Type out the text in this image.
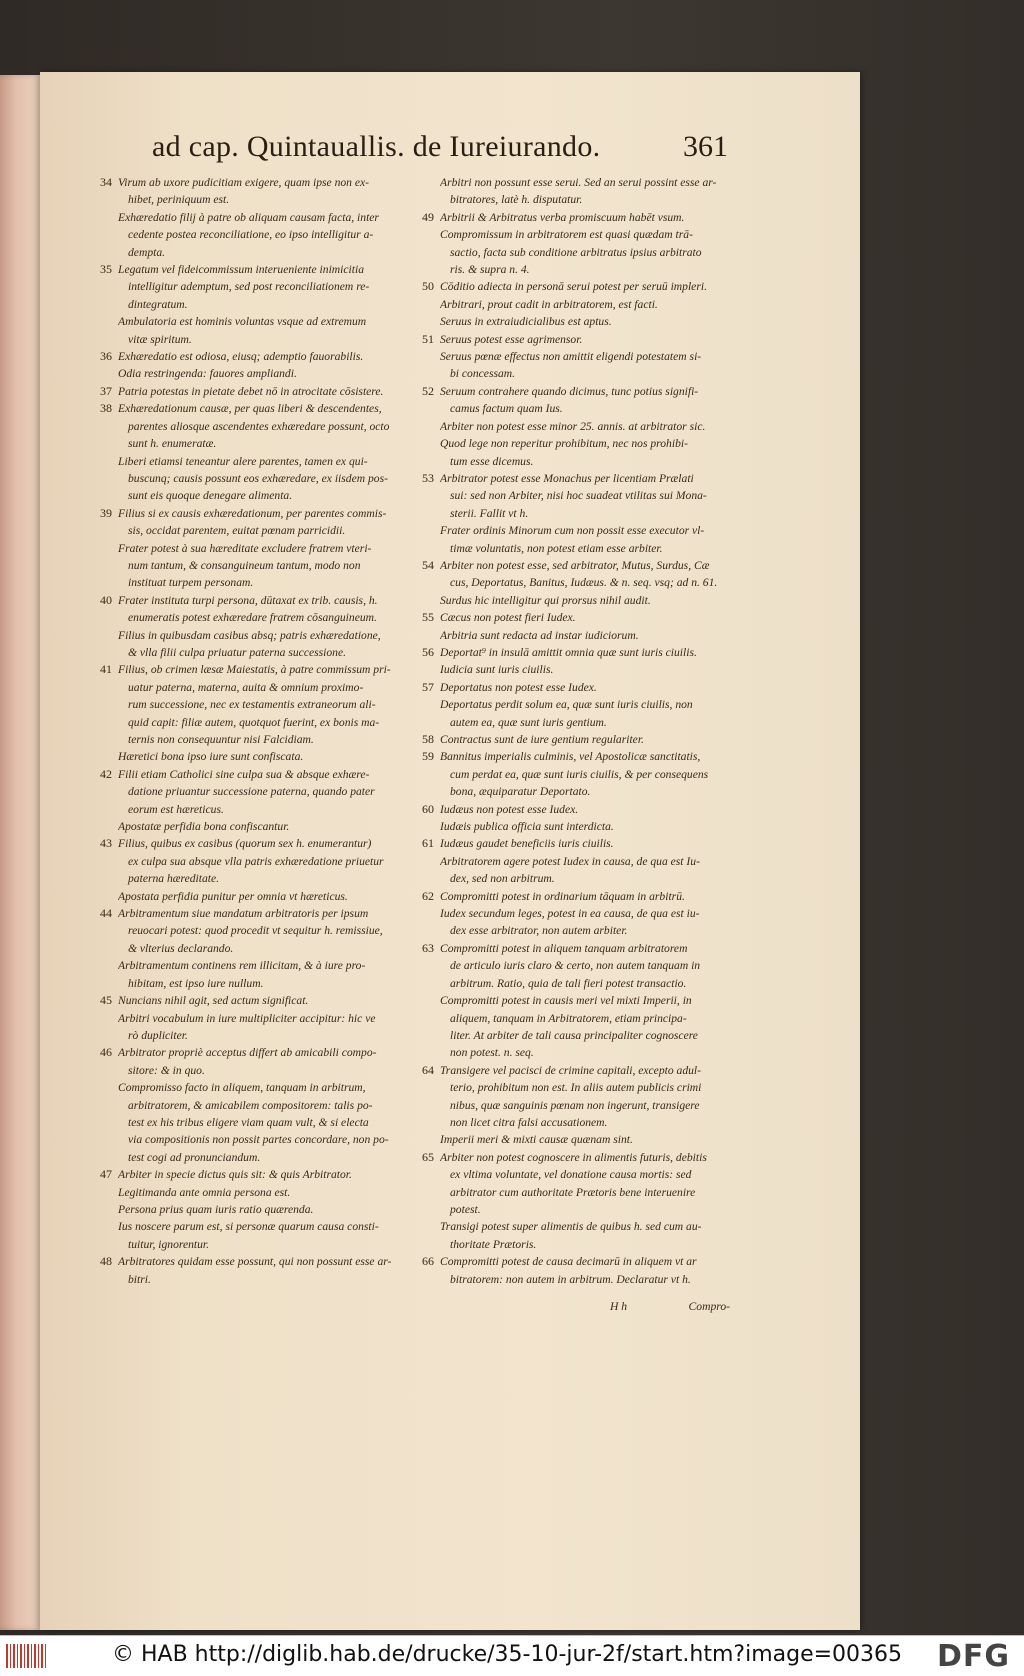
ad cap. Quintauallis. de Iureiurando.	361
34 Virum ab uxore pudicitiam exigere, quam ipse non ex-
hibet, periniquum est.
Exhæredatio filij à patre ob aliquam causam facta, inter
cedente postea reconciliatione, eo ipso intelligitur a-
dempta.
35 Legatum vel fideicommissum interueniente inimicitia
intelligitur ademptum, sed post reconciliationem re-
dintegratum.
Ambulatoria est hominis voluntas vsque ad extremum
vitæ spiritum.
36 Exhæredatio est odiosa, eiusq; ademptio fauorabilis.
Odia restringenda: fauores ampliandi.
37 Patria potestas in pietate debet nō in atrocitate cōsistere.
38 Exhæredationum causæ, per quas liberi & descendentes,
parentes aliosque ascendentes exhæredare possunt, octo
sunt h. enumeratæ.
Liberi etiamsi teneantur alere parentes, tamen ex qui-
buscunq; causis possunt eos exhæredare, ex iisdem pos-
sunt eis quoque denegare alimenta.
39 Filius si ex causis exhæredationum, per parentes commis-
sis, occidat parentem, euitat pœnam parricidii.
Frater potest à sua hæreditate excludere fratrem vteri-
num tantum, & consanguineum tantum, modo non
instituat turpem personam.
40 Frater instituta turpi persona, dūtaxat ex trib. causis, h.
enumeratis potest exhæredare fratrem cōsanguineum.
Filius in quibusdam casibus absq; patris exhæredatione,
& vlla filii culpa priuatur paterna successione.
41 Filius, ob crimen læsæ Maiestatis, à patre commissum pri-
uatur paterna, materna, auita & omnium proximo-
rum successione, nec ex testamentis extraneorum ali-
quid capit: filiæ autem, quotquot fuerint, ex bonis ma-
ternis non consequuntur nisi Falcidiam.
Hæretici bona ipso iure sunt confiscata.
42 Filii etiam Catholici sine culpa sua & absque exhære-
datione priuantur successione paterna, quando pater
eorum est hæreticus.
Apostatæ perfidia bona confiscantur.
43 Filius, quibus ex casibus (quorum sex h. enumerantur)
ex culpa sua absque vlla patris exhæredatione priuetur
paterna hæreditate.
Apostata perfidia punitur per omnia vt hæreticus.
44 Arbitramentum siue mandatum arbitratoris per ipsum
reuocari potest: quod procedit vt sequitur h. remissiue,
& vlterius declarando.
Arbitramentum continens rem illicitam, & à iure pro-
hibitam, est ipso iure nullum.
45 Nuncians nihil agit, sed actum significat.
Arbitri vocabulum in iure multipliciter accipitur: hic ve
rò dupliciter.
46 Arbitrator propriè acceptus differt ab amicabili compo-
sitore: & in quo.
Compromisso facto in aliquem, tanquam in arbitrum,
arbitratorem, & amicabilem compositorem: talis po-
test ex his tribus eligere viam quam vult, & si electa
via compositionis non possit partes concordare, non po-
test cogi ad pronunciandum.
47 Arbiter in specie dictus quis sit: & quis Arbitrator.
Legitimanda ante omnia persona est.
Persona prius quam iuris ratio quærenda.
Ius noscere parum est, si personæ quarum causa consti-
tuitur, ignorentur.
48 Arbitratores quidam esse possunt, qui non possunt esse ar-
bitri.
Arbitri non possunt esse serui. Sed an serui possint esse ar-
bitratores, latè h. disputatur.
49 Arbitrii & Arbitratus verba promiscuum habēt vsum.
Compromissum in arbitratorem est quasi quædam trā-
sactio, facta sub conditione arbitratus ipsius arbitrato
ris. & supra n. 4.
50 Cōditio adiecta in personā serui potest per seruū impleri.
Arbitrari, prout cadit in arbitratorem, est facti.
Seruus in extraiudicialibus est aptus.
51 Seruus potest esse agrimensor.
Seruus pœnæ effectus non amittit eligendi potestatem si-
bi concessam.
52 Seruum contrahere quando dicimus, tunc potius signifi-
camus factum quam Ius.
Arbiter non potest esse minor 25. annis. at arbitrator sic.
Quod lege non reperitur prohibitum, nec nos prohibi-
tum esse dicemus.
53 Arbitrator potest esse Monachus per licentiam Prælati
sui: sed non Arbiter, nisi hoc suadeat vtilitas sui Mona-
sterii. Fallit vt h.
Frater ordinis Minorum cum non possit esse executor vl-
timæ voluntatis, non potest etiam esse arbiter.
54 Arbiter non potest esse, sed arbitrator, Mutus, Surdus, Cæ
cus, Deportatus, Banitus, Iudæus. & n. seq. vsq; ad n. 61.
Surdus hic intelligitur qui prorsus nihil audit.
55 Cæcus non potest fieri Iudex.
Arbitria sunt redacta ad instar iudiciorum.
56 Deportat⁹ in insulā amittit omnia quæ sunt iuris ciuilis.
Iudicia sunt iuris ciuilis.
57 Deportatus non potest esse Iudex.
Deportatus perdit solum ea, quæ sunt iuris ciuilis, non
autem ea, quæ sunt iuris gentium.
58 Contractus sunt de iure gentium regulariter.
59 Bannitus imperialis culminis, vel Apostolicæ sanctitatis,
cum perdat ea, quæ sunt iuris ciuilis, & per consequens
bona, æquiparatur Deportato.
60 Iudæus non potest esse Iudex.
Iudæis publica officia sunt interdicta.
61 Iudæus gaudet beneficiis iuris ciuilis.
Arbitratorem agere potest Iudex in causa, de qua est Iu-
dex, sed non arbitrum.
62 Compromitti potest in ordinarium tāquam in arbitrū.
Iudex secundum leges, potest in ea causa, de qua est iu-
dex esse arbitrator, non autem arbiter.
63 Compromitti potest in aliquem tanquam arbitratorem
de articulo iuris claro & certo, non autem tanquam in
arbitrum. Ratio, quia de tali fieri potest transactio.
Compromitti potest in causis meri vel mixti Imperii, in
aliquem, tanquam in Arbitratorem, etiam principa-
liter. At arbiter de tali causa principaliter cognoscere
non potest. n. seq.
64 Transigere vel pacisci de crimine capitali, excepto adul-
terio, prohibitum non est. In aliis autem publicis crimi
nibus, quæ sanguinis pœnam non ingerunt, transigere
non licet citra falsi accusationem.
Imperii meri & mixti causæ quænam sint.
65 Arbiter non potest cognoscere in alimentis futuris, debitis
ex vltima voluntate, vel donatione causa mortis: sed
arbitrator cum authoritate Prætoris bene interuenire
potest.
Transigi potest super alimentis de quibus h. sed cum au-
thoritate Prætoris.
66 Compromitti potest de causa decimarū in aliquem vt ar
bitratorem: non autem in arbitrum. Declaratur vt h.
H h	Compro-
© HAB http://diglib.hab.de/drucke/35-10-jur-2f/start.htm?image=00365 DFG
